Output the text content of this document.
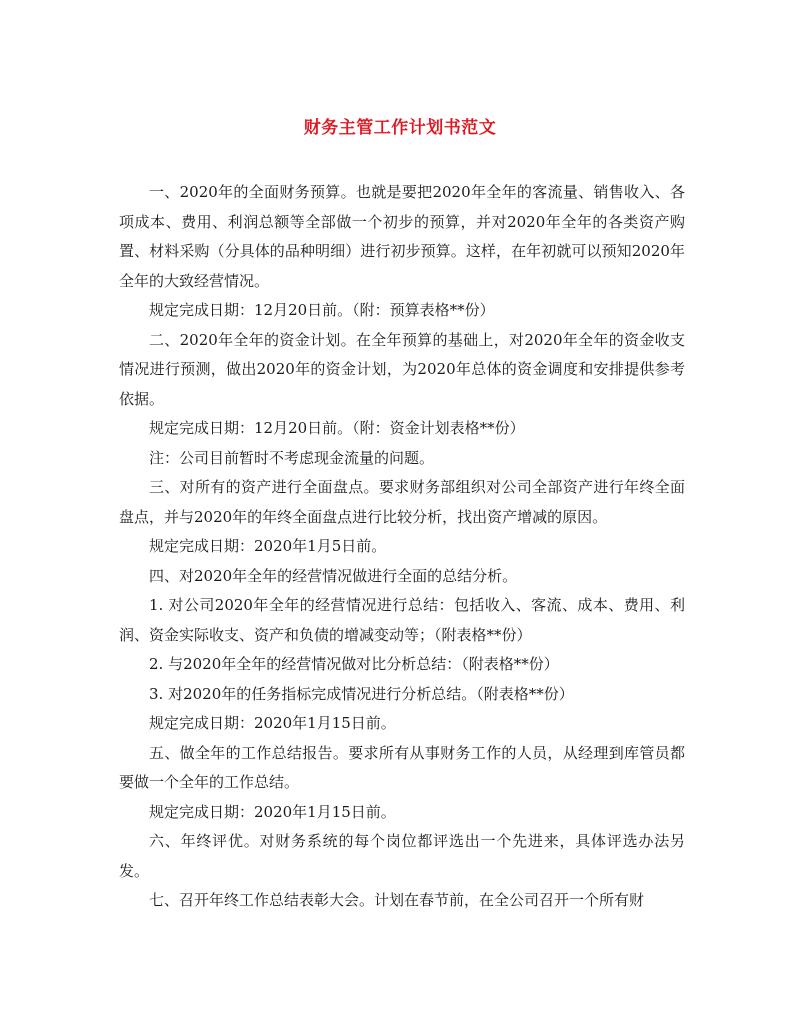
财务主管工作计划书范文

一、2020年的全面财务预算。也就是要把2020年全年的客流量、销售收入、各项成本、费用、利润总额等全部做一个初步的预算，并对2020年全年的各类资产购置、材料采购（分具体的品种明细）进行初步预算。这样，在年初就可以预知2020年全年的大致经营情况。

规定完成日期：12月20日前。（附：预算表格**份）

二、2020年全年的资金计划。在全年预算的基础上，对2020年全年的资金收支情况进行预测，做出2020年的资金计划，为2020年总体的资金调度和安排提供参考依据。

规定完成日期：12月20日前。（附：资金计划表格**份）

注：公司目前暂时不考虑现金流量的问题。

三、对所有的资产进行全面盘点。要求财务部组织对公司全部资产进行年终全面盘点，并与2020年的年终全面盘点进行比较分析，找出资产增减的原因。

规定完成日期：2020年1月5日前。

四、对2020年全年的经营情况做进行全面的总结分析。

1. 对公司2020年全年的经营情况进行总结：包括收入、客流、成本、费用、利润、资金实际收支、资产和负债的增减变动等；（附表格**份）

2. 与2020年全年的经营情况做对比分析总结：（附表格**份）

3. 对2020年的任务指标完成情况进行分析总结。（附表格**份）

规定完成日期：2020年1月15日前。

五、做全年的工作总结报告。要求所有从事财务工作的人员，从经理到库管员都要做一个全年的工作总结。

规定完成日期：2020年1月15日前。

六、年终评优。对财务系统的每个岗位都评选出一个先进来，具体评选办法另发。

七、召开年终工作总结表彰大会。计划在春节前，在全公司召开一个所有财
